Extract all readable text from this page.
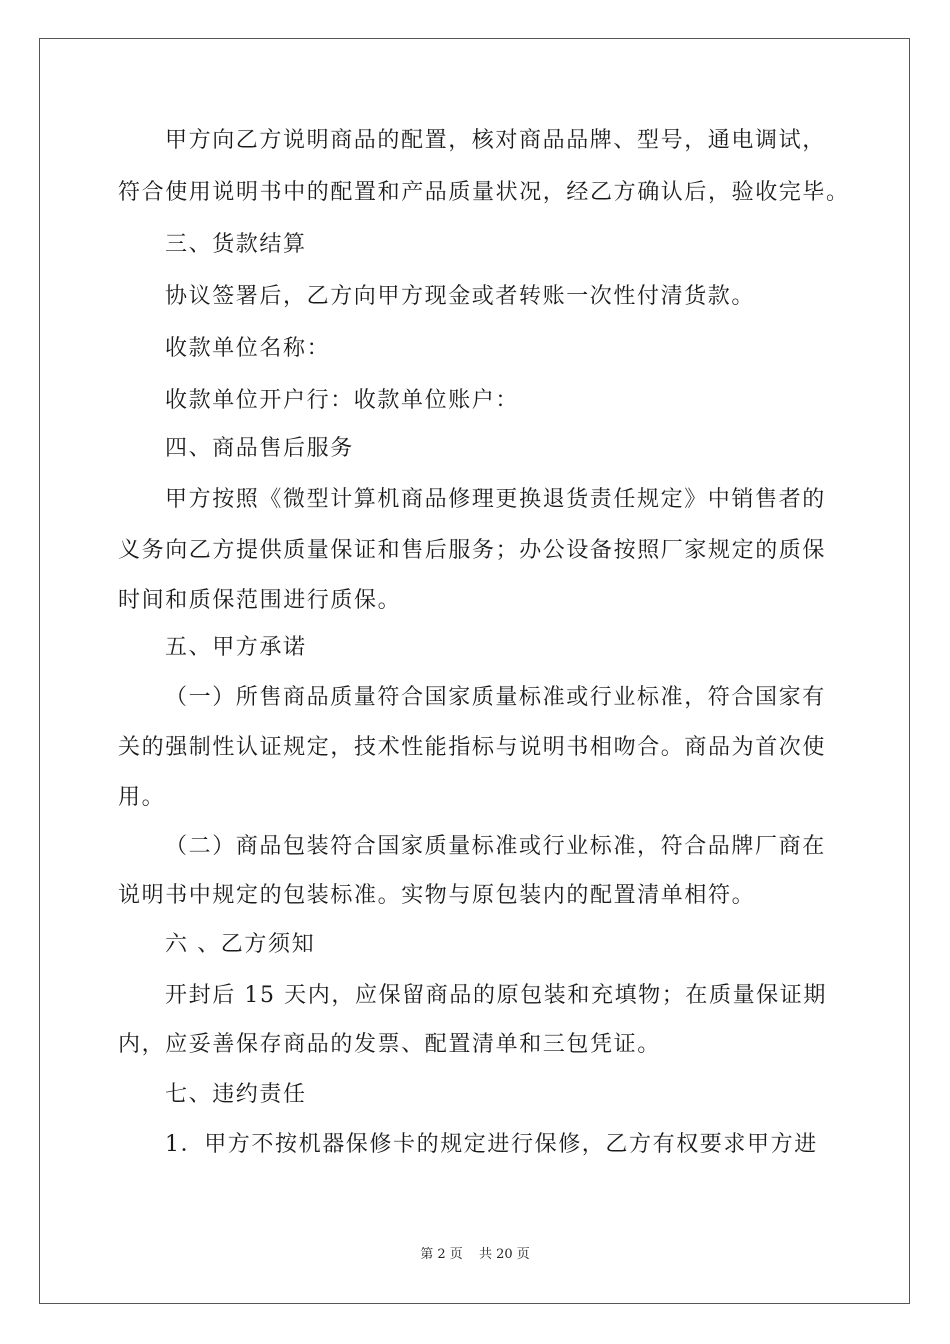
甲方向乙方说明商品的配置，核对商品品牌、型号，通电调试，
符合使用说明书中的配置和产品质量状况，经乙方确认后，验收完毕。
三、货款结算
协议签署后，乙方向甲方现金或者转账一次性付清货款。
收款单位名称：
收款单位开户行：收款单位账户：
四、商品售后服务
甲方按照《微型计算机商品修理更换退货责任规定》中销售者的
义务向乙方提供质量保证和售后服务；办公设备按照厂家规定的质保
时间和质保范围进行质保。
五、甲方承诺
（一）所售商品质量符合国家质量标准或行业标准，符合国家有
关的强制性认证规定，技术性能指标与说明书相吻合。商品为首次使
用。
（二）商品包装符合国家质量标准或行业标准，符合品牌厂商在
说明书中规定的包装标准。实物与原包装内的配置清单相符。
六 、乙方须知
开封后 15 天内，应保留商品的原包装和充填物；在质量保证期
内，应妥善保存商品的发票、配置清单和三包凭证。
七、违约责任
1．甲方不按机器保修卡的规定进行保修，乙方有权要求甲方进
第 2 页 共 20 页
